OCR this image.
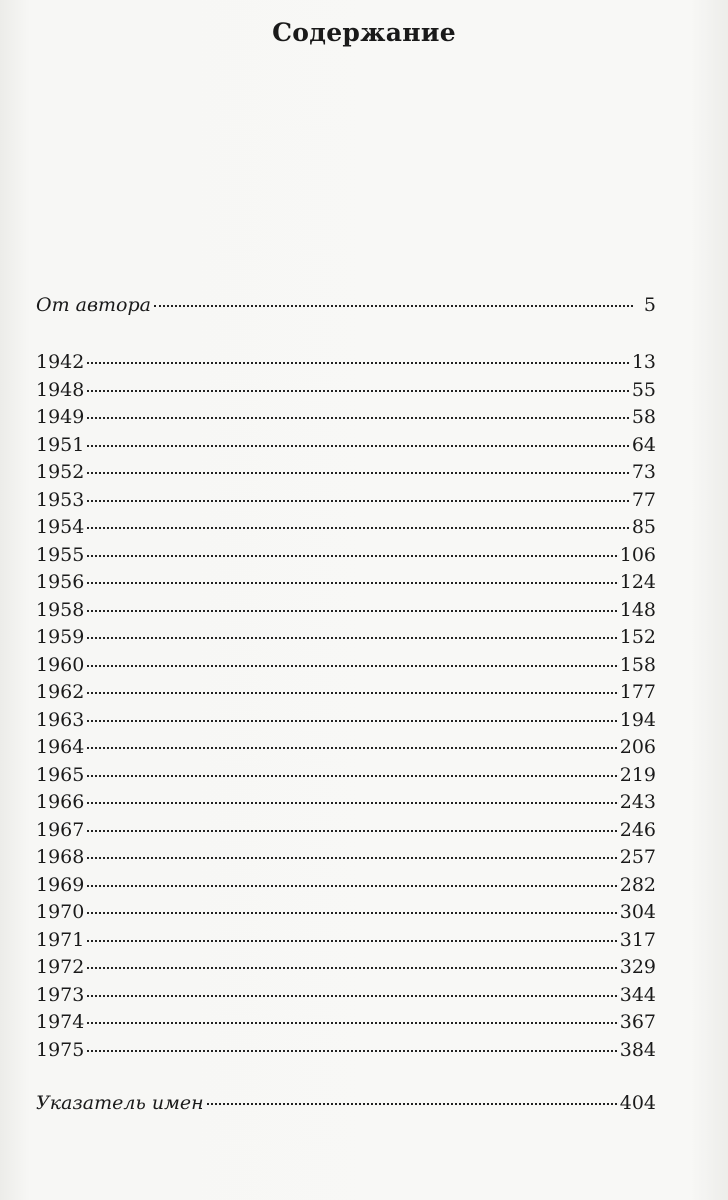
Содержание
От автора	5
1942	13
1948	55
1949	58
1951	64
1952	73
1953	77
1954	85
1955	106
1956	124
1958	148
1959	152
1960	158
1962	177
1963	194
1964	206
1965	219
1966	243
1967	246
1968	257
1969	282
1970	304
1971	317
1972	329
1973	344
1974	367
1975	384
Указатель имен	404
